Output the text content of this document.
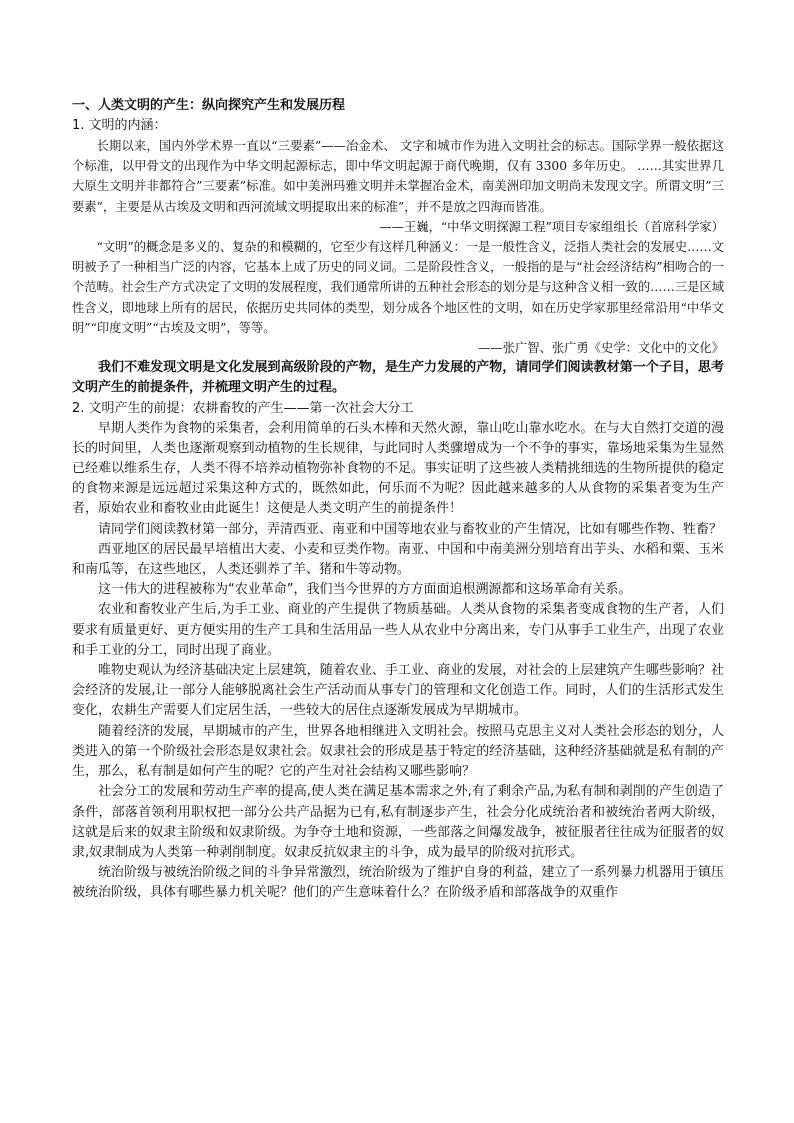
一、人类文明的产生：纵向探究产生和发展历程
1. 文明的内涵：

长期以来，国内外学术界一直以“三要素”——冶金术、 文字和城市作为进入文明社会的标志。国际学界一般依据这个标准，以甲骨文的出现作为中华文明起源标志，即中华文明起源于商代晚期，仅有 3300 多年历史。 ……其实世界几大原生文明并非都符合”三要素”标准。如中美洲玛雅文明并未掌握冶金术，南美洲印加文明尚未发现文字。所谓文明”三要素”，主要是从古埃及文明和西河流域文明提取出来的标准”，并不是放之四海而皆准。

——王巍，“中华文明探源工程”项目专家组组长（首席科学家）

“文明”的概念是多义的、复杂的和模糊的，它至少有这样几种涵义：一是一般性含义，泛指人类社会的发展史……文明被予了一种相当广泛的内容，它基本上成了历史的同义词。二是阶段性含义，一般指的是与“社会经济结构”相吻合的一个范畴。社会生产方式决定了文明的发展程度，我们通常所讲的五种社会形态的划分是与这种含义相一致的……三是区域性含义，即地球上所有的居民，依据历史共同体的类型，划分成各个地区性的文明，如在历史学家那里经常沿用“中华文明”“印度文明”“古埃及文明”，等等。

——张广智、张广勇《史学：文化中的文化》

我们不难发现文明是文化发展到高级阶段的产物，是生产力发展的产物，请同学们阅读教材第一个子目，思考文明产生的前提条件，并梳理文明产生的过程。

2. 文明产生的前提：农耕畜牧的产生——第一次社会大分工

早期人类作为食物的采集者，会利用简单的石头木棒和天然火源，靠山吃山靠水吃水。在与大自然打交道的漫长的时间里，人类也逐渐观察到动植物的生长规律，与此同时人类骤增成为一个不争的事实，靠场地采集为生显然已经难以维系生存，人类不得不培养动植物弥补食物的不足。事实证明了这些被人类精挑细选的生物所提供的稳定的食物来源是远远超过采集这种方式的，既然如此，何乐而不为呢？因此越来越多的人从食物的采集者变为生产者，原始农业和畜牧业由此诞生！这便是人类文明产生的前提条件！

请同学们阅读教材第一部分，弄清西亚、南亚和中国等地农业与畜牧业的产生情况，比如有哪些作物、牲畜？

西亚地区的居民最早培植出大麦、小麦和豆类作物。南亚、中国和中南美洲分别培育出芋头、水稻和粟、玉米和南瓜等，在这些地区，人类还驯养了羊、猪和牛等动物。

这一伟大的进程被称为“农业革命”，我们当今世界的方方面面追根溯源都和这场革命有关系。

农业和畜牧业产生后,为手工业、商业的产生提供了物质基础。人类从食物的采集者变成食物的生产者，人们要求有质量更好、更方便实用的生产工具和生活用品一些人从农业中分离出来，专门从事手工业生产，出现了农业和手工业的分工，同时出现了商业。

唯物史观认为经济基础决定上层建筑，随着农业、手工业、商业的发展，对社会的上层建筑产生哪些影响？社会经济的发展,让一部分人能够脱离社会生产活动而从事专门的管理和文化创造工作。同时，人们的生活形式发生变化，农耕生产需要人们定居生活，一些较大的居住点逐渐发展成为早期城市。

随着经济的发展，早期城市的产生，世界各地相继进入文明社会。按照马克思主义对人类社会形态的划分，人类进入的第一个阶级社会形态是奴隶社会。奴隶社会的形成是基于特定的经济基础，这种经济基础就是私有制的产生，那么，私有制是如何产生的呢？它的产生对社会结构又哪些影响？

社会分工的发展和劳动生产率的提高,使人类在满足基本需求之外,有了剩余产品,为私有制和剥削的产生创造了条件，部落首领利用职权把一部分公共产品据为已有,私有制逐步产生，社会分化成统治者和被统治者两大阶级，这就是后来的奴隶主阶级和奴隶阶级。为争夺土地和资源，一些部落之间爆发战争，被征服者往往成为征服者的奴隶,奴隶制成为人类第一种剥削制度。奴隶反抗奴隶主的斗争，成为最早的阶级对抗形式。

统治阶级与被统治阶级之间的斗争异常激烈，统治阶级为了维护自身的利益，建立了一系列暴力机器用于镇压被统治阶级，具体有哪些暴力机关呢？他们的产生意味着什么？在阶级矛盾和部落战争的双重作
